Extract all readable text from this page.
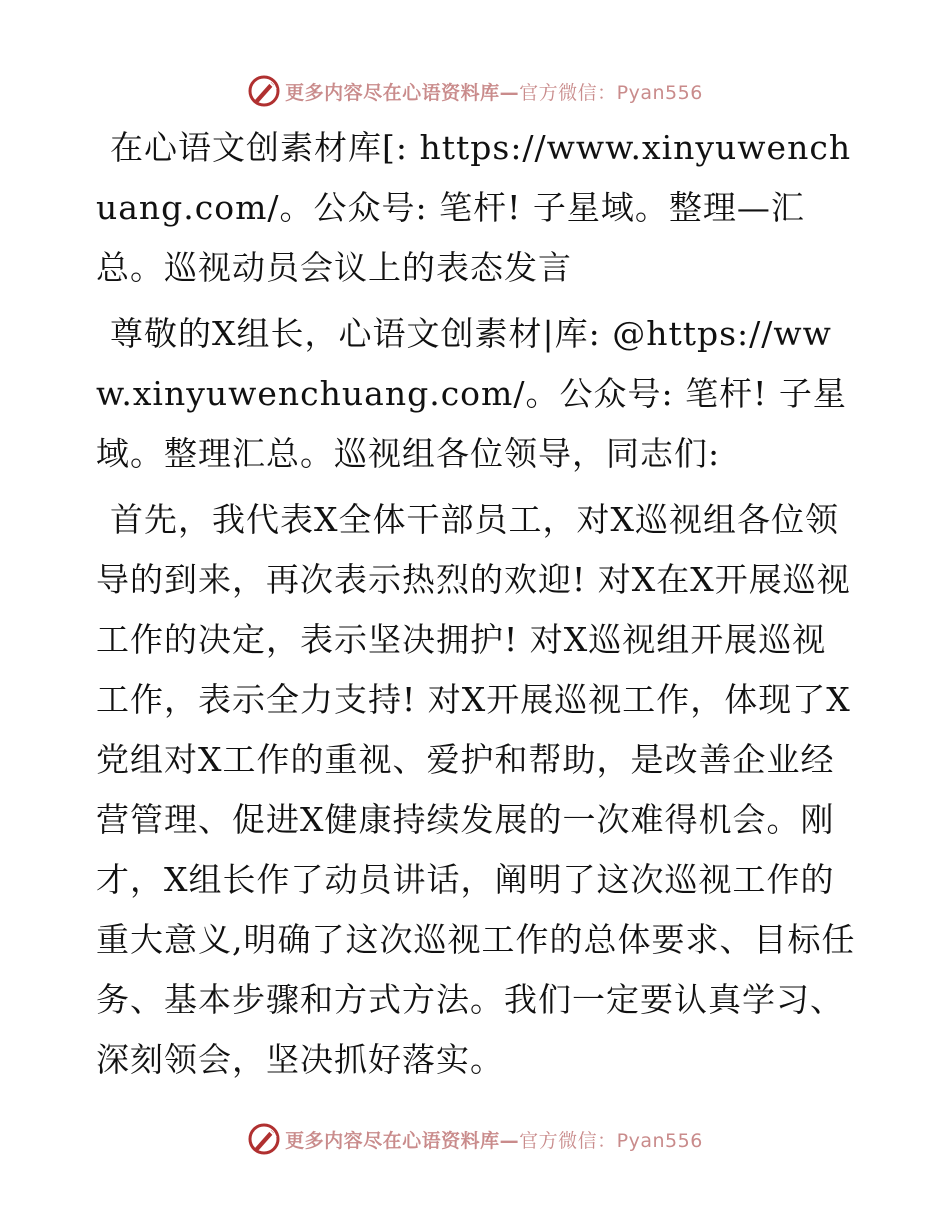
更多内容尽在心语资料库—官方微信：Pyan556

在心语文创素材库[: https://www.xinyuwenchuang.com/。公众号: 笔杆! 子星域。整理—汇总。巡视动员会议上的表态发言

尊敬的X组长，心语文创素材|库: @https://www.xinyuwenchuang.com/。公众号: 笔杆! 子星域。整理汇总。巡视组各位领导，同志们:

首先，我代表X全体干部员工，对X巡视组各位领导的到来，再次表示热烈的欢迎! 对X在X开展巡视工作的决定，表示坚决拥护! 对X巡视组开展巡视工作，表示全力支持! 对X开展巡视工作，体现了X党组对X工作的重视、爱护和帮助，是改善企业经营管理、促进X健康持续发展的一次难得机会。刚才，X组长作了动员讲话，阐明了这次巡视工作的重大意义,明确了这次巡视工作的总体要求、目标任务、基本步骤和方式方法。我们一定要认真学习、深刻领会，坚决抓好落实。

更多内容尽在心语资料库—官方微信：Pyan556
